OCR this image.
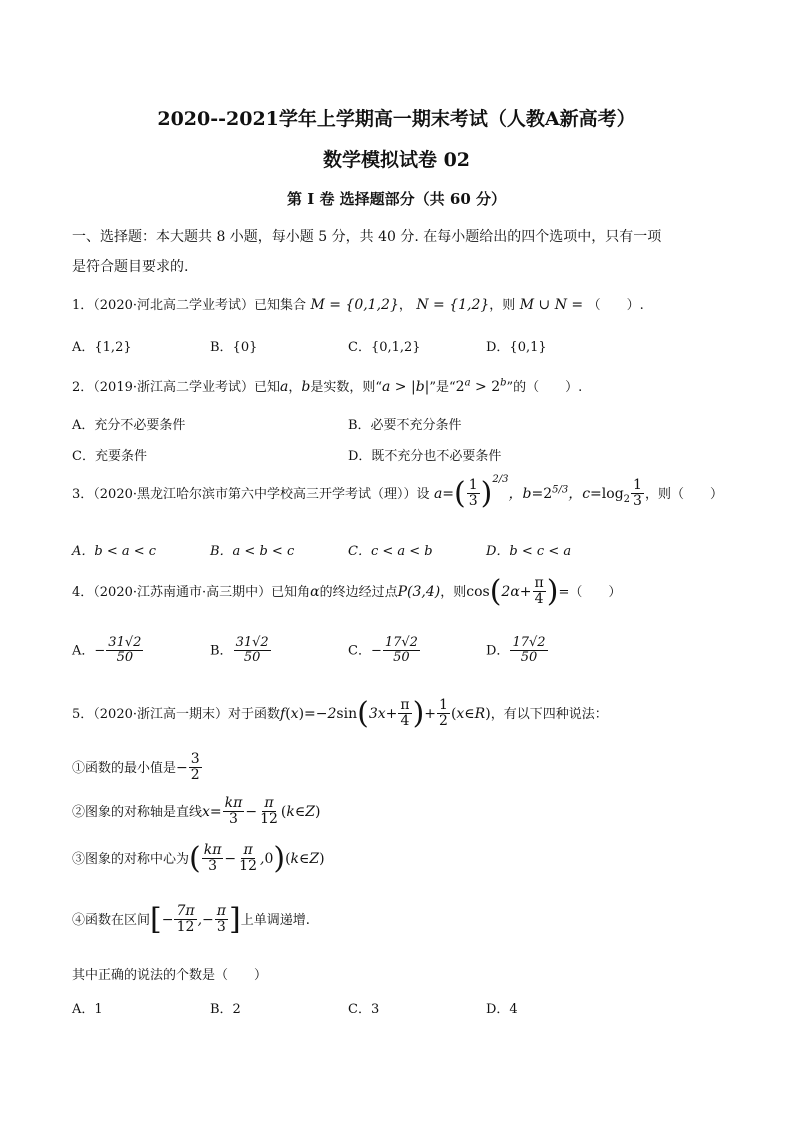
2020--2021学年上学期高一期末考试（人教A新高考）
数学模拟试卷 02
第 I 卷 选择题部分（共 60 分）
一、选择题：本大题共 8 小题，每小题 5 分，共 40 分. 在每小题给出的四个选项中，只有一项
是符合题目要求的.
1．（2020·河北高二学业考试）已知集合 M = {0,1,2}， N = {1,2}，则 M ∪ N = （　　）.
A．{1,2}	B．{0}	C．{0,1,2}	D．{0,1}
2．（2019·浙江高二学业考试）已知a，b是实数，则“a > |b|”是“$2^a > 2^b$”的（　　）.
A．充分不必要条件	B．必要不充分条件
C．充要条件	D．既不充分也不必要条件
3．（2020·黑龙江哈尔滨市第六中学校高三开学考试（理））设 $a=( \frac{1}{3} )^{2/3}$，$b=2^{5/3}$，$c=\log_2 \frac{1}{3}$ ，则（　　）
A．b < a < c	B．a < b < c	C．c < a < b	D．b < c < a
4．（2020·江苏南通市·高三期中）已知角α的终边经过点P(3,4)，则$\cos(2\alpha+ \frac{\pi}{4}$ )=（　　）
A．− $\frac{31√2}{50}$	B． $\frac{31√2}{50}$	C．− $\frac{17√2}{50}$	D． $\frac{17√2}{50}$
5．（2020·浙江高一期末）对于函数$f(x)=-2\sin(3x+ \frac{\pi}{4}$ )+ $\frac{1}{2}$ (x∈R)，有以下四种说法：
①函数的最小值是− $\frac{3}{2}$
②图象的对称轴是直线$x= \frac{k\pi}{3} - \frac{\pi}{12}$ (k∈Z)
③图象的对称中心为( $\frac{k\pi}{3} - \frac{\pi}{12}$ ,0)(k∈Z)
④函数在区间[− $\frac{7\pi}{12}$ ,− $\frac{\pi}{3}$ ]上单调递增.
其中正确的说法的个数是（　　）
A．1	B．2	C．3	D．4
